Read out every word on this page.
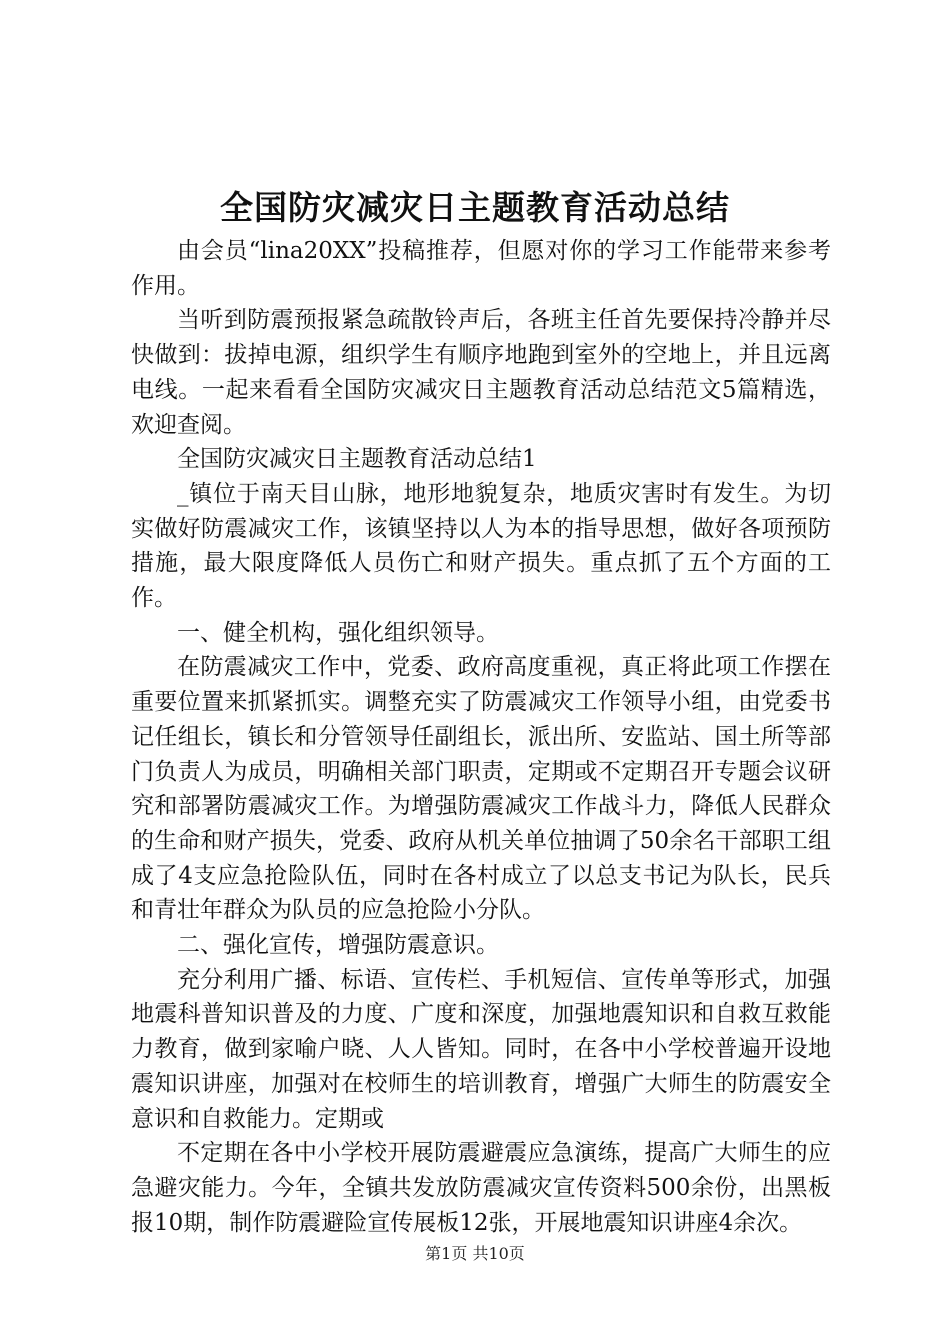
全国防灾减灾日主题教育活动总结

由会员“lina20XX”投稿推荐，但愿对你的学习工作能带来参考作用。

当听到防震预报紧急疏散铃声后，各班主任首先要保持冷静并尽快做到：拔掉电源，组织学生有顺序地跑到室外的空地上，并且远离电线。一起来看看全国防灾减灾日主题教育活动总结范文5篇精选，欢迎查阅。

全国防灾减灾日主题教育活动总结1

_镇位于南天目山脉，地形地貌复杂，地质灾害时有发生。为切实做好防震减灾工作，该镇坚持以人为本的指导思想，做好各项预防措施，最大限度降低人员伤亡和财产损失。重点抓了五个方面的工作。

一、健全机构，强化组织领导。

在防震减灾工作中，党委、政府高度重视，真正将此项工作摆在重要位置来抓紧抓实。调整充实了防震减灾工作领导小组，由党委书记任组长，镇长和分管领导任副组长，派出所、安监站、国土所等部门负责人为成员，明确相关部门职责，定期或不定期召开专题会议研究和部署防震减灾工作。为增强防震减灾工作战斗力，降低人民群众的生命和财产损失，党委、政府从机关单位抽调了50余名干部职工组成了4支应急抢险队伍，同时在各村成立了以总支书记为队长，民兵和青壮年群众为队员的应急抢险小分队。

二、强化宣传，增强防震意识。

充分利用广播、标语、宣传栏、手机短信、宣传单等形式，加强地震科普知识普及的力度、广度和深度，加强地震知识和自救互救能力教育，做到家喻户晓、人人皆知。同时，在各中小学校普遍开设地震知识讲座，加强对在校师生的培训教育，增强广大师生的防震安全意识和自救能力。定期或

不定期在各中小学校开展防震避震应急演练，提高广大师生的应急避灾能力。今年，全镇共发放防震减灾宣传资料500余份，出黑板报10期，制作防震避险宣传展板12张，开展地震知识讲座4余次。

第1页 共10页
